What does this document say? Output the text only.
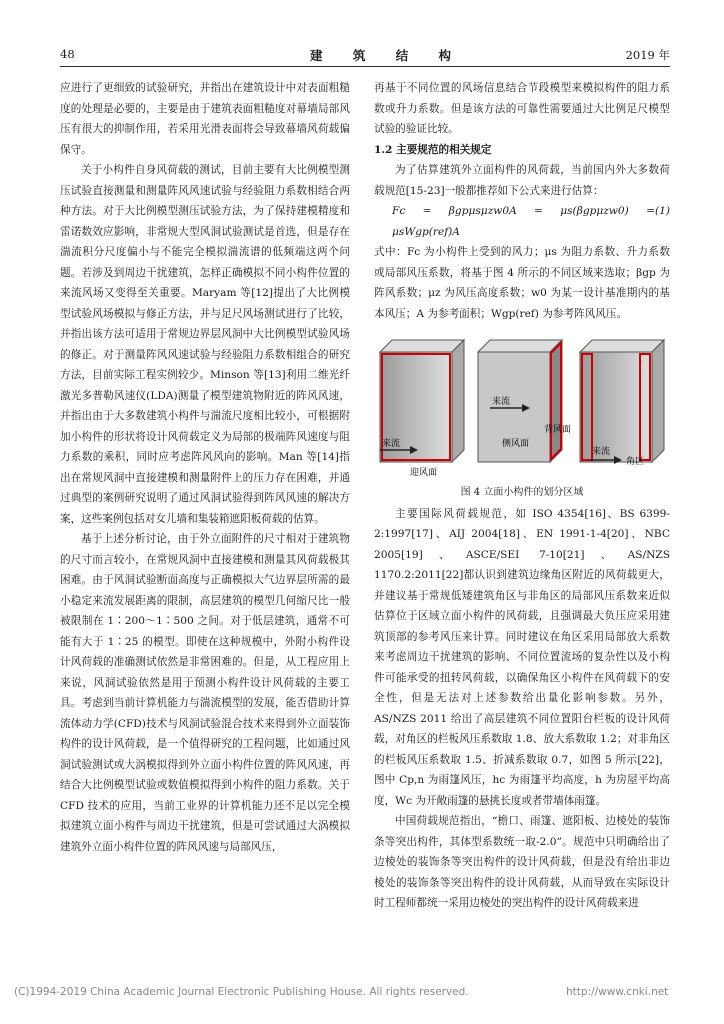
48	建 筑 结 构	2019 年

应进行了更细致的试验研究，并指出在建筑设计中对表面粗糙度的处理是必要的，主要是由于建筑表面粗糙度对幕墙局部风压有很大的抑制作用，若采用光滑表面将会导致幕墙风荷载偏保守。

关于小构件自身风荷载的测试，目前主要有大比例模型测压试验直接测量和测量阵风风速试验与经验阻力系数相结合两种方法。对于大比例模型测压试验方法，为了保持建模精度和雷诺数效应影响，非常规大型风洞试验测试是首选，但是存在湍流积分尺度偏小与不能完全模拟湍流谱的低频端这两个问题。若涉及到周边干扰建筑，怎样正确模拟不同小构件位置的来流风场又变得至关重要。Maryam 等[12]提出了大比例模型试验风场模拟与修正方法，并与足尺风场测试进行了比较，并指出该方法可适用于常规边界层风洞中大比例模型试验风场的修正。对于测量阵风风速试验与经验阻力系数相组合的研究方法，目前实际工程实例较少。Minson 等[13]利用二维光纤激光多普勒风速仪(LDA)测量了模型建筑物附近的阵风风速，并指出由于大多数建筑小构件与湍流尺度相比较小，可根据附加小构件的形状将设计风荷载定义为局部的极端阵风速度与阻力系数的乘积，同时应考虑阵风风向的影响。Man 等[14]指出在常规风洞中直接建模和测量附件上的压力存在困难，并通过典型的案例研究说明了通过风洞试验得到阵风风速的解决方案，这些案例包括对女儿墙和集装箱遮阳板荷载的估算。

基于上述分析讨论，由于外立面附件的尺寸相对于建筑物的尺寸而言较小，在常规风洞中直接建模和测量其风荷载极其困难。由于风洞试验断面高度与正确模拟大气边界层所需的最小稳定来流发展距离的限制，高层建筑的模型几何缩尺比一般被限制在 1∶200～1∶500 之间。对于低层建筑，通常不可能有大于 1∶25 的模型。即使在这种规模中，外附小构件设计风荷载的准确测试依然是非常困难的。但是，从工程应用上来说，风洞试验依然是用于预测小构件设计风荷载的主要工具。考虑到当前计算机能力与湍流模型的发展，能否借助计算流体动力学(CFD)技术与风洞试验混合技术来得到外立面装饰构件的设计风荷载，是一个值得研究的工程问题，比如通过风洞试验测试或大涡模拟得到外立面小构件位置的阵风风速，再结合大比例模型试验或数值模拟得到小构件的阻力系数。关于 CFD 技术的应用，当前工业界的计算机能力还不足以完全模拟建筑立面小构件与周边干扰建筑，但是可尝试通过大涡模拟建筑外立面小构件位置的阵风风速与局部风压，

再基于不同位置的风场信息结合节段模型来模拟构件的阻力系数或升力系数。但是该方法的可靠性需要通过大比例足尺模型试验的验证比较。

1.2 主要规范的相关规定

为了估算建筑外立面构件的风荷载，当前国内外大多数荷载规范[15-23]一般都推荐如下公式来进行估算：

Fc = βgpμsμzw0A = μs(βgpμzw0) = μsWgp(ref)A
(1)

式中：Fc 为小构件上受到的风力；μs 为阻力系数、升力系数或局部风压系数，将基于图 4 所示的不同区域来选取；βgp 为阵风系数；μz 为风压高度系数；w0 为某一设计基准期内的基本风压；A 为参考面积；Wgp(ref) 为参考阵风风压。

来流
迎风面
侧风面
来流
背风面
来流
角区

图 4 立面小构件的划分区域

主要国际风荷载规范，如 ISO 4354[16]、BS 6399-2:1997[17]、AIJ 2004[18]、EN 1991-1-4[20]、NBC 2005[19]、ASCE/SEI 7-10[21]、AS/NZS 1170.2:2011[22]都认识到建筑边缘角区附近的风荷载更大，并建议基于常规低矮建筑角区与非角区的局部风压系数来近似估算位于区域立面小构件的风荷载，且强调最大负压应采用建筑顶部的参考风压来计算。同时建议在角区采用局部放大系数来考虑周边干扰建筑的影响、不同位置流场的复杂性以及小构件可能承受的扭转风荷载，以确保角区小构件在风荷载下的安全性，但是无法对上述参数给出量化影响参数。另外，AS/NZS 2011 给出了高层建筑不同位置阳台栏板的设计风荷载，对角区的栏板风压系数取 1.8、放大系数取 1.2；对非角区的栏板风压系数取 1.5、折减系数取 0.7，如图 5 所示[22]，图中 Cp,n 为雨篷风压，hc 为雨篷平均高度，h 为房屋平均高度，Wc 为开敞雨篷的悬挑长度或者带墙体雨篷。

中国荷载规范指出，“檐口、雨篷、遮阳板、边棱处的装饰条等突出构件，其体型系数统一取-2.0”。规范中只明确给出了边棱处的装饰条等突出构件的设计风荷载，但是没有给出非边棱处的装饰条等突出构件的设计风荷载，从而导致在实际设计时工程师都统一采用边棱处的突出构件的设计风荷载来进

(C)1994-2019 China Academic Journal Electronic Publishing House. All rights reserved.	http://www.cnki.net
